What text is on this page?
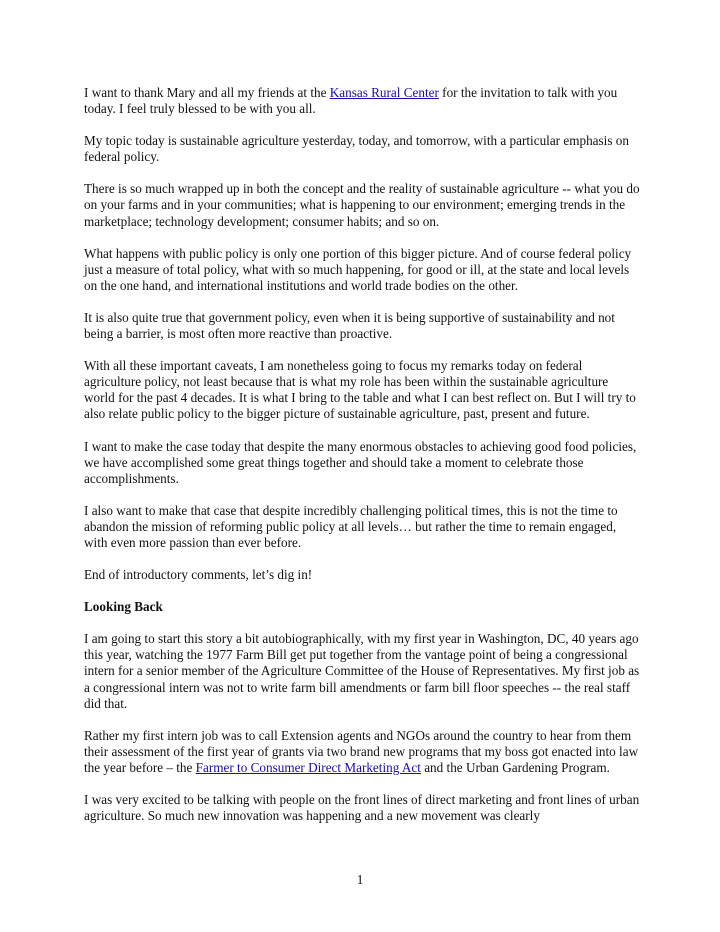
I want to thank Mary and all my friends at the Kansas Rural Center for the invitation to talk with you today. I feel truly blessed to be with you all.

My topic today is sustainable agriculture yesterday, today, and tomorrow, with a particular emphasis on federal policy.

There is so much wrapped up in both the concept and the reality of sustainable agriculture -- what you do on your farms and in your communities; what is happening to our environment; emerging trends in the marketplace; technology development; consumer habits; and so on.

What happens with public policy is only one portion of this bigger picture. And of course federal policy just a measure of total policy, what with so much happening, for good or ill, at the state and local levels on the one hand, and international institutions and world trade bodies on the other.

It is also quite true that government policy, even when it is being supportive of sustainability and not being a barrier, is most often more reactive than proactive.

With all these important caveats, I am nonetheless going to focus my remarks today on federal agriculture policy, not least because that is what my role has been within the sustainable agriculture world for the past 4 decades. It is what I bring to the table and what I can best reflect on. But I will try to also relate public policy to the bigger picture of sustainable agriculture, past, present and future.

I want to make the case today that despite the many enormous obstacles to achieving good food policies, we have accomplished some great things together and should take a moment to celebrate those accomplishments.

I also want to make that case that despite incredibly challenging political times, this is not the time to abandon the mission of reforming public policy at all levels… but rather the time to remain engaged, with even more passion than ever before.

End of introductory comments, let’s dig in!

Looking Back

I am going to start this story a bit autobiographically, with my first year in Washington, DC, 40 years ago this year, watching the 1977 Farm Bill get put together from the vantage point of being a congressional intern for a senior member of the Agriculture Committee of the House of Representatives. My first job as a congressional intern was not to write farm bill amendments or farm bill floor speeches -- the real staff did that.

Rather my first intern job was to call Extension agents and NGOs around the country to hear from them their assessment of the first year of grants via two brand new programs that my boss got enacted into law the year before – the Farmer to Consumer Direct Marketing Act and the Urban Gardening Program.

I was very excited to be talking with people on the front lines of direct marketing and front lines of urban agriculture. So much new innovation was happening and a new movement was clearly

1
